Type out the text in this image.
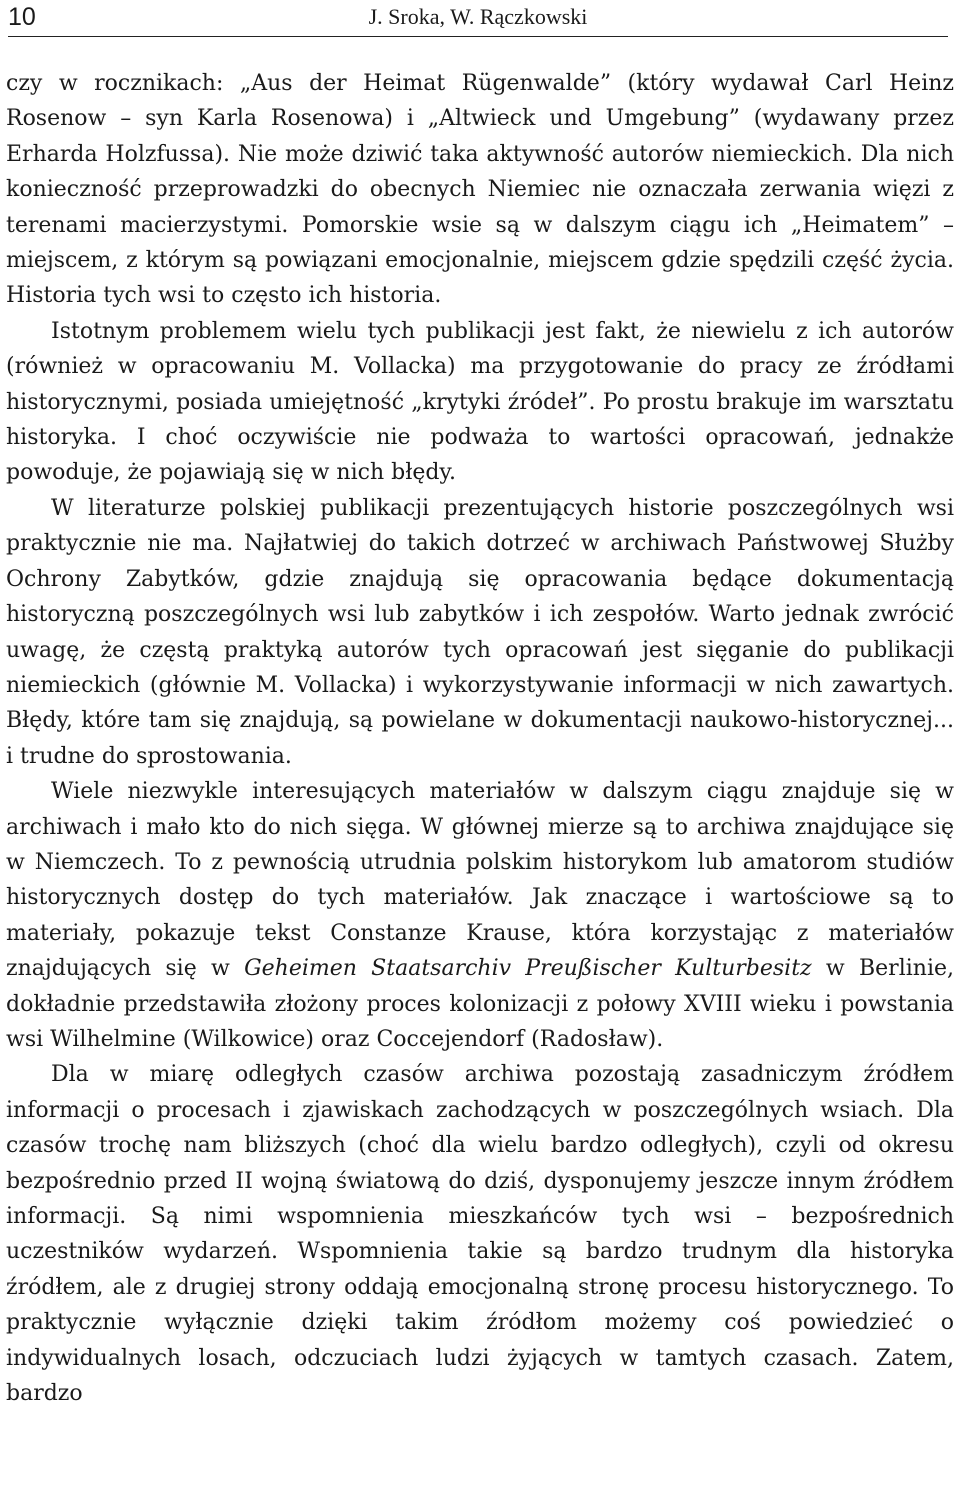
10	J. Sroka, W. Rączkowski

czy w rocznikach: „Aus der Heimat Rügenwalde” (który wydawał Carl Heinz Rosenow – syn Karla Rosenowa) i „Altwieck und Umgebung” (wydawany przez Erharda Holzfussa). Nie może dziwić taka aktywność autorów niemieckich. Dla nich konieczność przeprowadzki do obecnych Niemiec nie oznaczała zerwania więzi z terenami macierzystymi. Pomorskie wsie są w dalszym ciągu ich „Heimatem” – miejscem, z którym są powiązani emocjonalnie, miejscem gdzie spędzili część życia. Historia tych wsi to często ich historia.

Istotnym problemem wielu tych publikacji jest fakt, że niewielu z ich autorów (również w opracowaniu M. Vollacka) ma przygotowanie do pracy ze źródłami historycznymi, posiada umiejętność „krytyki źródeł”. Po prostu brakuje im warsztatu historyka. I choć oczywiście nie podważa to wartości opracowań, jednakże powoduje, że pojawiają się w nich błędy.

W literaturze polskiej publikacji prezentujących historie poszczególnych wsi praktycznie nie ma. Najłatwiej do takich dotrzeć w archiwach Państwowej Służby Ochrony Zabytków, gdzie znajdują się opracowania będące dokumentacją historyczną poszczególnych wsi lub zabytków i ich zespołów. Warto jednak zwrócić uwagę, że częstą praktyką autorów tych opracowań jest sięganie do publikacji niemieckich (głównie M. Vollacka) i wykorzystywanie informacji w nich zawartych. Błędy, które tam się znajdują, są powielane w dokumentacji naukowo-historycznej... i trudne do sprostowania.

Wiele niezwykle interesujących materiałów w dalszym ciągu znajduje się w archiwach i mało kto do nich sięga. W głównej mierze są to archiwa znajdujące się w Niemczech. To z pewnością utrudnia polskim historykom lub amatorom studiów historycznych dostęp do tych materiałów. Jak znaczące i wartościowe są to materiały, pokazuje tekst Constanze Krause, która korzystając z materiałów znajdujących się w Geheimen Staatsarchiv Preußischer Kulturbesitz w Berlinie, dokładnie przedstawiła złożony proces kolonizacji z połowy XVIII wieku i powstania wsi Wilhelmine (Wilkowice) oraz Coccejendorf (Radosław).

Dla w miarę odległych czasów archiwa pozostają zasadniczym źródłem informacji o procesach i zjawiskach zachodzących w poszczególnych wsiach. Dla czasów trochę nam bliższych (choć dla wielu bardzo odległych), czyli od okresu bezpośrednio przed II wojną światową do dziś, dysponujemy jeszcze innym źródłem informacji. Są nimi wspomnienia mieszkańców tych wsi – bezpośrednich uczestników wydarzeń. Wspomnienia takie są bardzo trudnym dla historyka źródłem, ale z drugiej strony oddają emocjonalną stronę procesu historycznego. To praktycznie wyłącznie dzięki takim źródłom możemy coś powiedzieć o indywidualnych losach, odczuciach ludzi żyjących w tamtych czasach. Zatem, bardzo
